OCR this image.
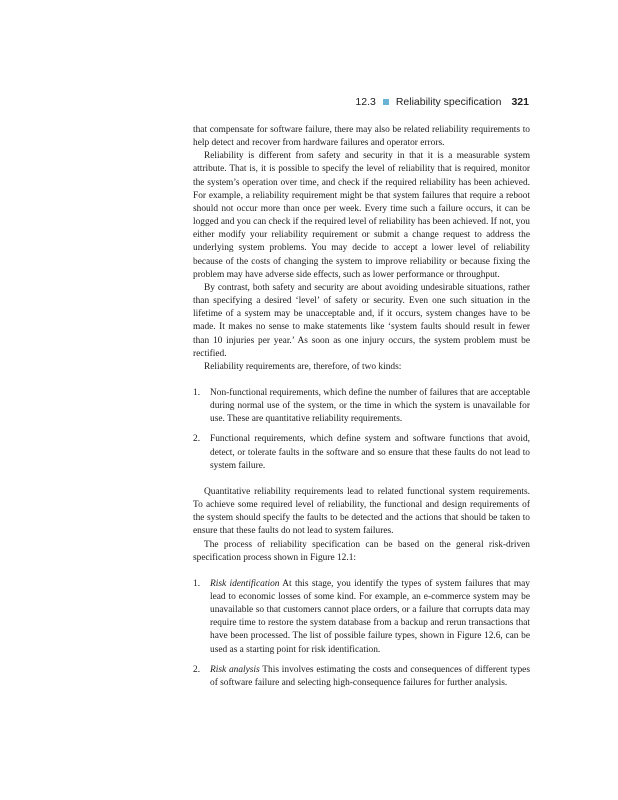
12.3 Reliability specification 321

that compensate for software failure, there may also be related reliability requirements to help detect and recover from hardware failures and operator errors.

Reliability is different from safety and security in that it is a measurable system attribute. That is, it is possible to specify the level of reliability that is required, monitor the system’s operation over time, and check if the required reliability has been achieved. For example, a reliability requirement might be that system failures that require a reboot should not occur more than once per week. Every time such a failure occurs, it can be logged and you can check if the required level of reliability has been achieved. If not, you either modify your reliability requirement or submit a change request to address the underlying system problems. You may decide to accept a lower level of reliability because of the costs of changing the system to improve reliability or because fixing the problem may have adverse side effects, such as lower performance or throughput.

By contrast, both safety and security are about avoiding undesirable situations, rather than specifying a desired ‘level’ of safety or security. Even one such situation in the lifetime of a system may be unacceptable and, if it occurs, system changes have to be made. It makes no sense to make statements like ‘system faults should result in fewer than 10 injuries per year.’ As soon as one injury occurs, the system problem must be rectified.

Reliability requirements are, therefore, of two kinds:

1. Non-functional requirements, which define the number of failures that are acceptable during normal use of the system, or the time in which the system is unavailable for use. These are quantitative reliability requirements.
2. Functional requirements, which define system and software functions that avoid, detect, or tolerate faults in the software and so ensure that these faults do not lead to system failure.

Quantitative reliability requirements lead to related functional system requirements. To achieve some required level of reliability, the functional and design requirements of the system should specify the faults to be detected and the actions that should be taken to ensure that these faults do not lead to system failures.

The process of reliability specification can be based on the general risk-driven specification process shown in Figure 12.1:

1. Risk identification At this stage, you identify the types of system failures that may lead to economic losses of some kind. For example, an e-commerce system may be unavailable so that customers cannot place orders, or a failure that corrupts data may require time to restore the system database from a backup and rerun transactions that have been processed. The list of possible failure types, shown in Figure 12.6, can be used as a starting point for risk identification.
2. Risk analysis This involves estimating the costs and consequences of different types of software failure and selecting high-consequence failures for further analysis.
